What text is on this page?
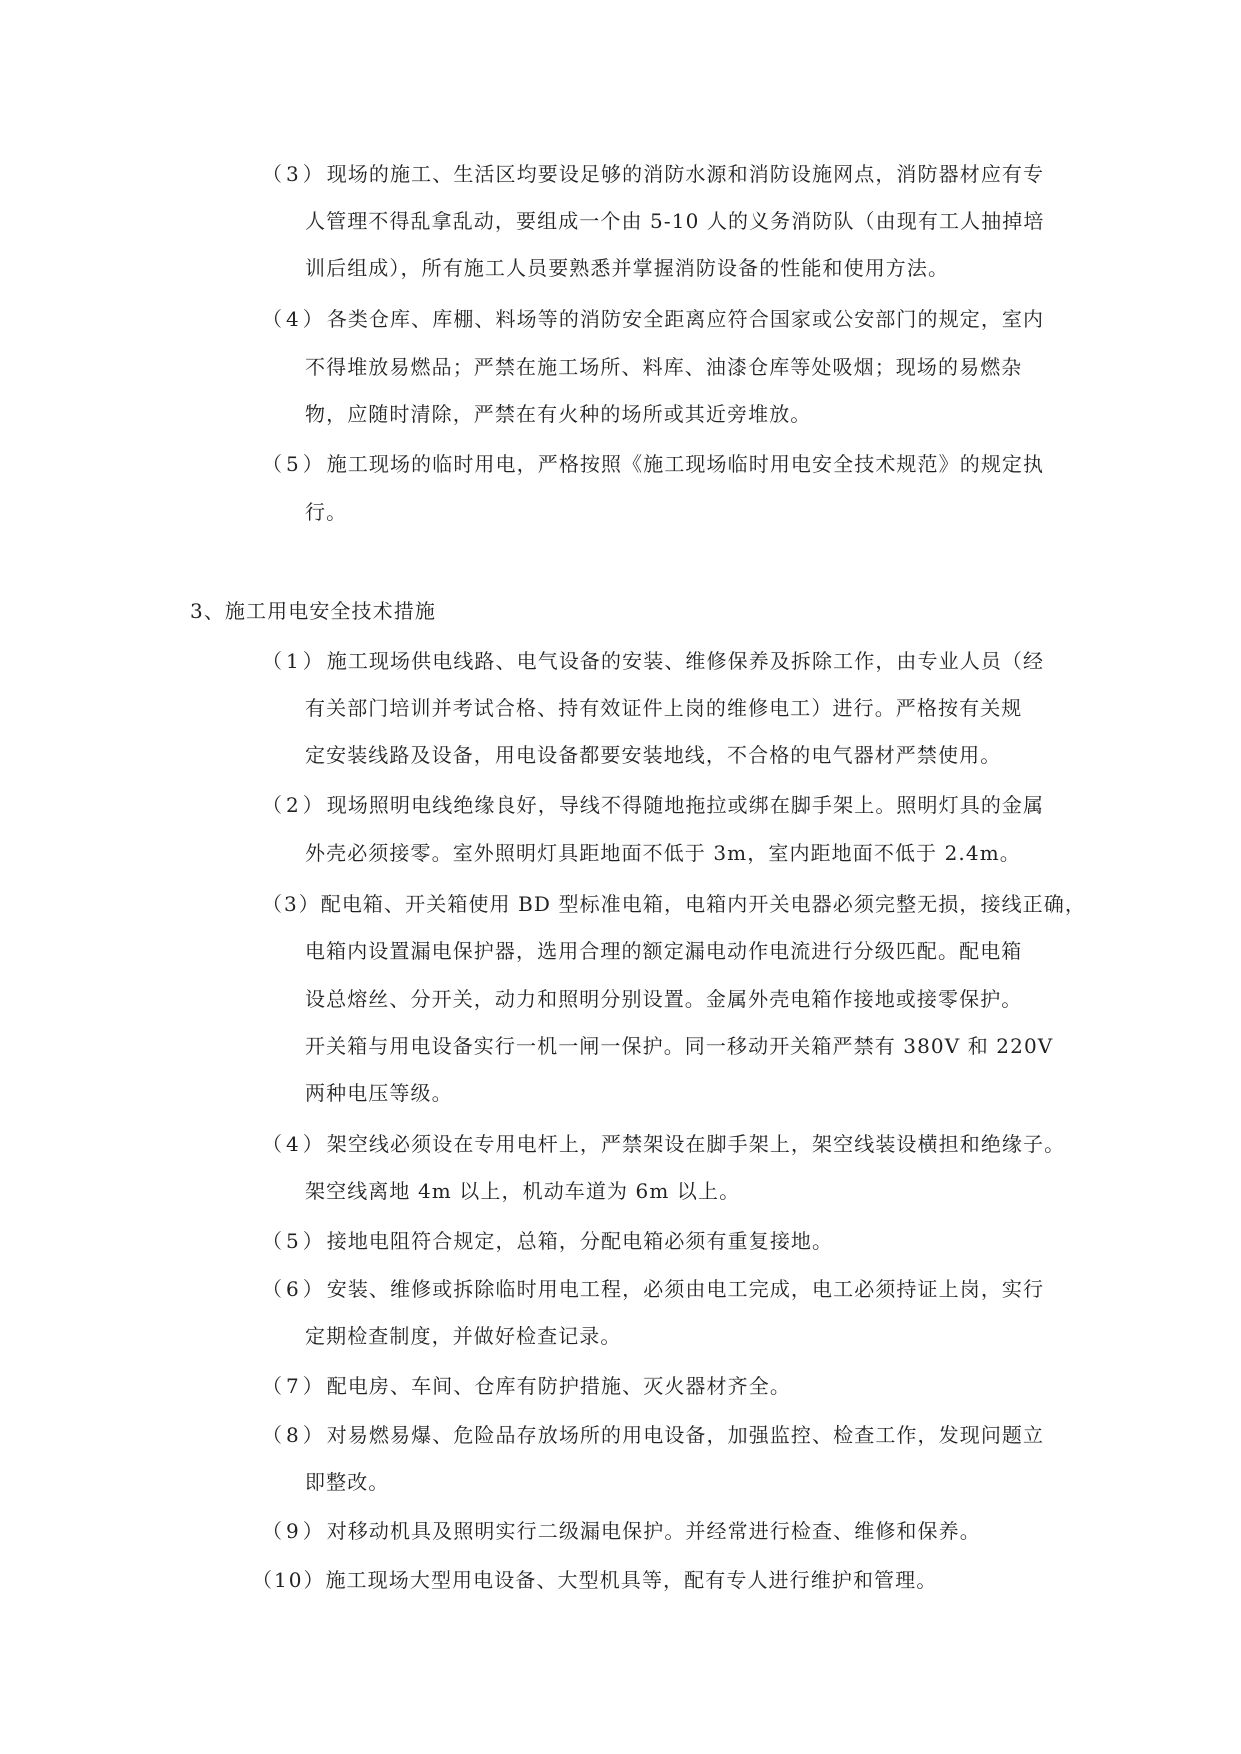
（3）现场的施工、生活区均要设足够的消防水源和消防设施网点，消防器材应有专
人管理不得乱拿乱动，要组成一个由 5-10 人的义务消防队（由现有工人抽掉培
训后组成），所有施工人员要熟悉并掌握消防设备的性能和使用方法。
（4）各类仓库、库棚、料场等的消防安全距离应符合国家或公安部门的规定，室内
不得堆放易燃品；严禁在施工场所、料库、油漆仓库等处吸烟；现场的易燃杂
物，应随时清除，严禁在有火种的场所或其近旁堆放。
（5）施工现场的临时用电，严格按照《施工现场临时用电安全技术规范》的规定执
行。
3、施工用电安全技术措施
（1）施工现场供电线路、电气设备的安装、维修保养及拆除工作，由专业人员（经
有关部门培训并考试合格、持有效证件上岗的维修电工）进行。严格按有关规
定安装线路及设备，用电设备都要安装地线，不合格的电气器材严禁使用。
（2）现场照明电线绝缘良好，导线不得随地拖拉或绑在脚手架上。照明灯具的金属
外壳必须接零。室外照明灯具距地面不低于 3m，室内距地面不低于 2.4m。
（3）配电箱、开关箱使用 BD 型标准电箱，电箱内开关电器必须完整无损，接线正确，
电箱内设置漏电保护器，选用合理的额定漏电动作电流进行分级匹配。配电箱
设总熔丝、分开关，动力和照明分别设置。金属外壳电箱作接地或接零保护。
开关箱与用电设备实行一机一闸一保护。同一移动开关箱严禁有 380V 和 220V
两种电压等级。
（4）架空线必须设在专用电杆上，严禁架设在脚手架上，架空线装设横担和绝缘子。
架空线离地 4m 以上，机动车道为 6m 以上。
（5）接地电阻符合规定，总箱，分配电箱必须有重复接地。
（6）安装、维修或拆除临时用电工程，必须由电工完成，电工必须持证上岗，实行
定期检查制度，并做好检查记录。
（7）配电房、车间、仓库有防护措施、灭火器材齐全。
（8）对易燃易爆、危险品存放场所的用电设备，加强监控、检查工作，发现问题立
即整改。
（9）对移动机具及照明实行二级漏电保护。并经常进行检查、维修和保养。
（10）施工现场大型用电设备、大型机具等，配有专人进行维护和管理。
